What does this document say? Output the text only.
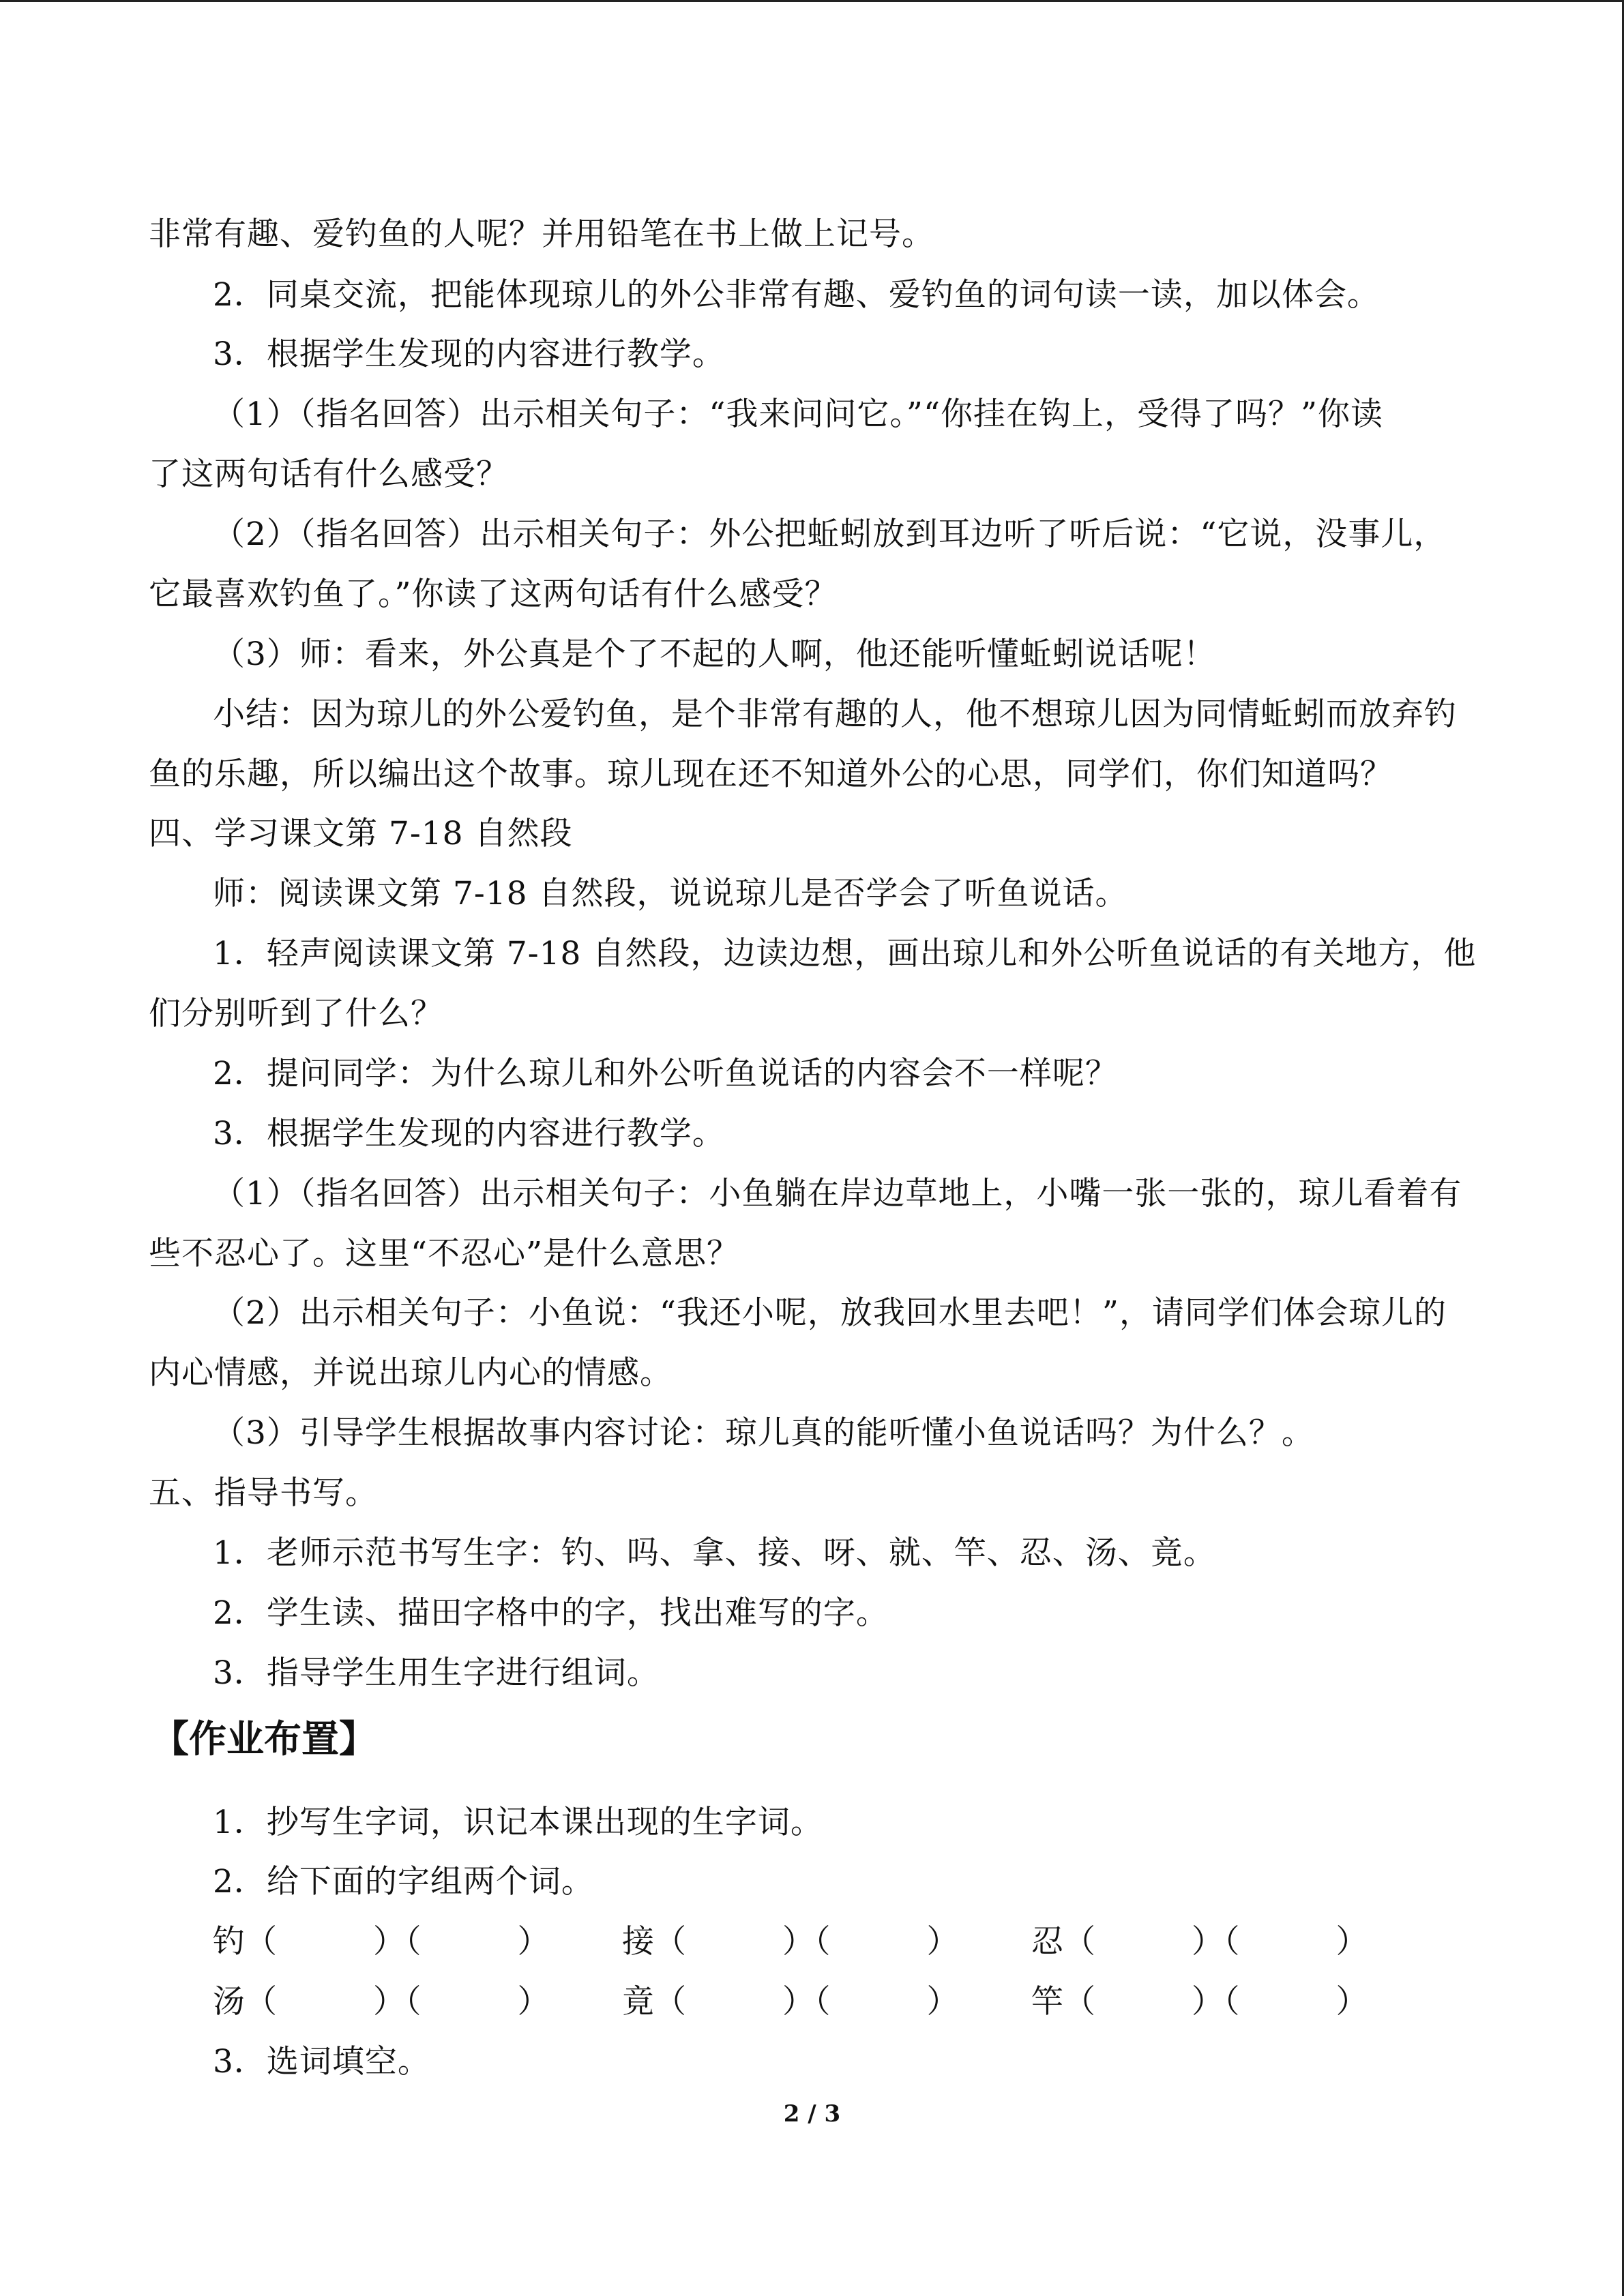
非常有趣、爱钓鱼的人呢？并用铅笔在书上做上记号。
2．同桌交流，把能体现琼儿的外公非常有趣、爱钓鱼的词句读一读，加以体会。
3．根据学生发现的内容进行教学。
（1）（指名回答）出示相关句子：“我来问问它。”“你挂在钩上，受得了吗？”你读
了这两句话有什么感受？
（2）（指名回答）出示相关句子：外公把蚯蚓放到耳边听了听后说：“它说，没事儿，
它最喜欢钓鱼了。”你读了这两句话有什么感受？
（3）师：看来，外公真是个了不起的人啊，他还能听懂蚯蚓说话呢！
小结：因为琼儿的外公爱钓鱼，是个非常有趣的人，他不想琼儿因为同情蚯蚓而放弃钓
鱼的乐趣，所以编出这个故事。琼儿现在还不知道外公的心思，同学们，你们知道吗？
四、学习课文第 7-18 自然段
师：阅读课文第 7-18 自然段，说说琼儿是否学会了听鱼说话。
1．轻声阅读课文第 7-18 自然段，边读边想，画出琼儿和外公听鱼说话的有关地方，他
们分别听到了什么？
2．提问同学：为什么琼儿和外公听鱼说话的内容会不一样呢？
3．根据学生发现的内容进行教学。
（1）（指名回答）出示相关句子：小鱼躺在岸边草地上，小嘴一张一张的，琼儿看着有
些不忍心了。这里“不忍心”是什么意思？
（2）出示相关句子：小鱼说：“我还小呢，放我回水里去吧！”，请同学们体会琼儿的
内心情感，并说出琼儿内心的情感。
（3）引导学生根据故事内容讨论：琼儿真的能听懂小鱼说话吗？为什么？。
五、指导书写。
1．老师示范书写生字：钓、吗、拿、接、呀、就、竿、忍、汤、竟。
2．学生读、描田字格中的字，找出难写的字。
3．指导学生用生字进行组词。
【作业布置】
1．抄写生字词，识记本课出现的生字词。
2．给下面的字组两个词。
钓（　　　）（　　　） 接（　　　）（　　　） 忍（　　　）（　　　）
汤（　　　）（　　　） 竟（　　　）（　　　） 竿（　　　）（　　　）
3．选词填空。
2 / 3
